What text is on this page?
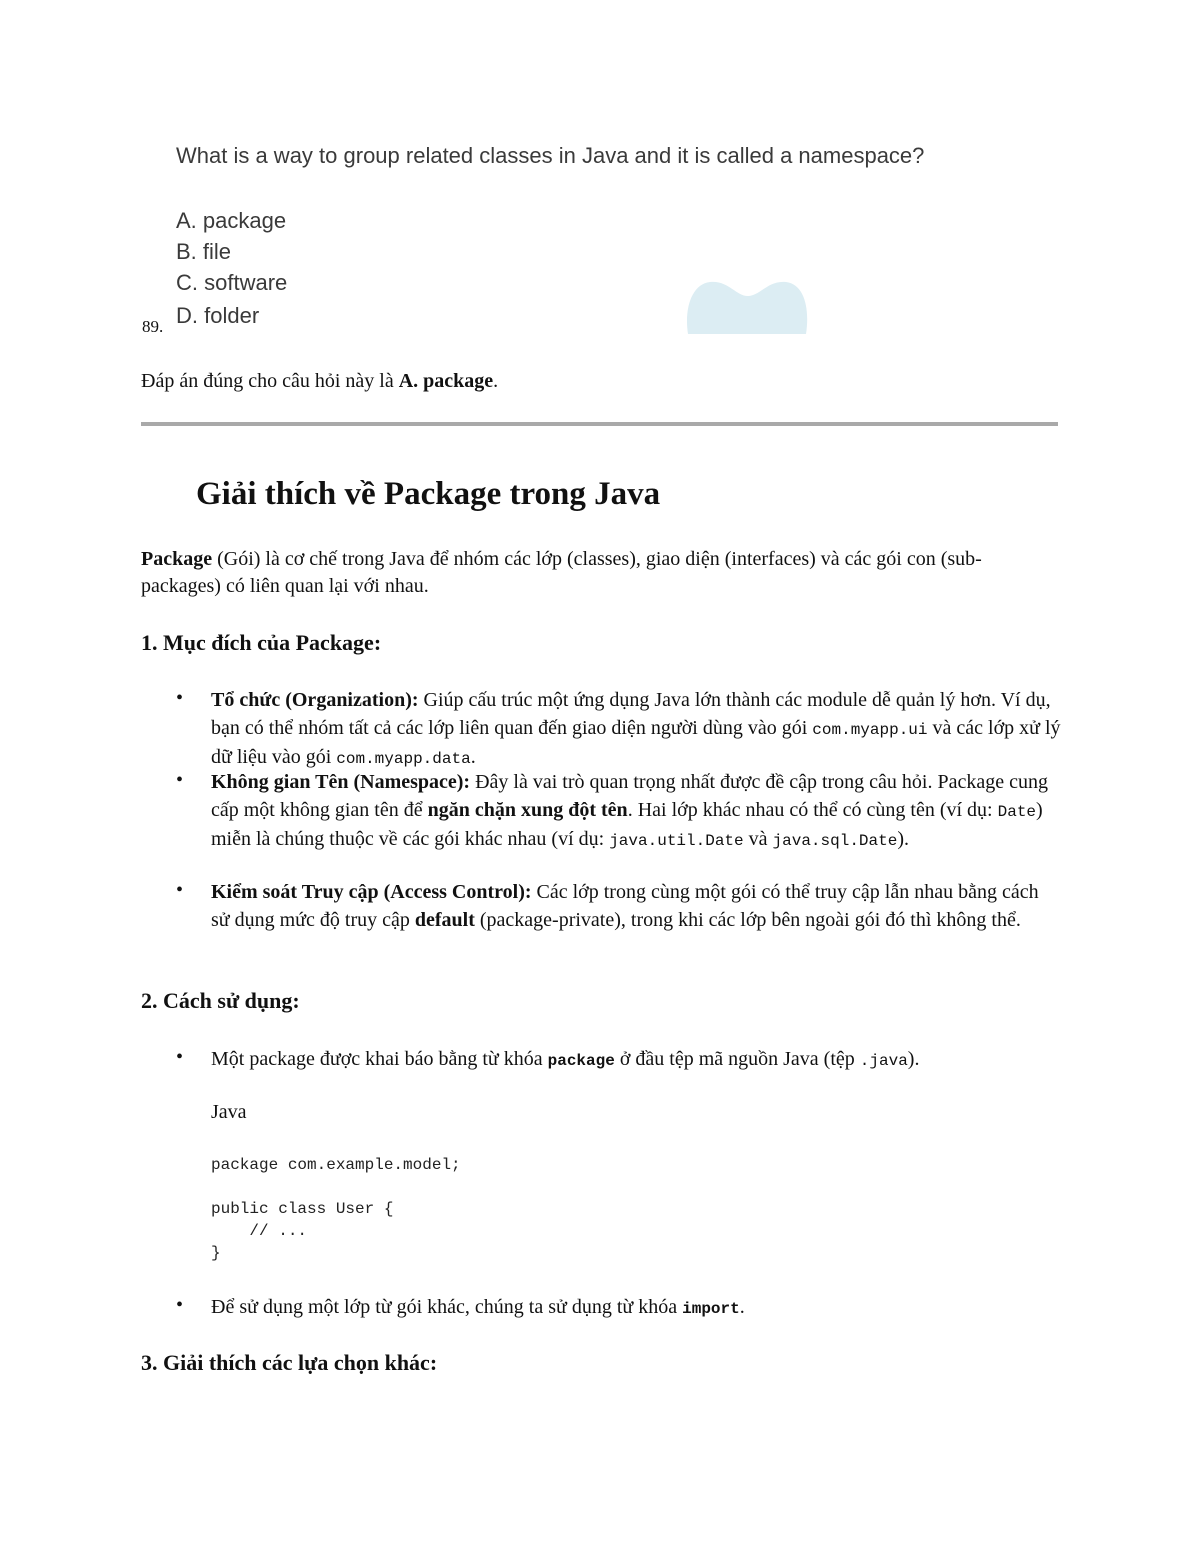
What is a way to group related classes in Java and it is called a namespace?
A. package
B. file
C. software
D. folder
89.
Đáp án đúng cho câu hỏi này là A. package.
Giải thích về Package trong Java
Package (Gói) là cơ chế trong Java để nhóm các lớp (classes), giao diện (interfaces) và các gói con (sub-packages) có liên quan lại với nhau.
1. Mục đích của Package:
• Tổ chức (Organization): Giúp cấu trúc một ứng dụng Java lớn thành các module dễ quản lý hơn. Ví dụ, bạn có thể nhóm tất cả các lớp liên quan đến giao diện người dùng vào gói com.myapp.ui và các lớp xử lý dữ liệu vào gói com.myapp.data.
• Không gian Tên (Namespace): Đây là vai trò quan trọng nhất được đề cập trong câu hỏi. Package cung cấp một không gian tên để ngăn chặn xung đột tên. Hai lớp khác nhau có thể có cùng tên (ví dụ: Date) miễn là chúng thuộc về các gói khác nhau (ví dụ: java.util.Date và java.sql.Date).
• Kiểm soát Truy cập (Access Control): Các lớp trong cùng một gói có thể truy cập lẫn nhau bằng cách sử dụng mức độ truy cập default (package-private), trong khi các lớp bên ngoài gói đó thì không thể.
2. Cách sử dụng:
• Một package được khai báo bằng từ khóa package ở đầu tệp mã nguồn Java (tệp .java).
Java
package com.example.model;

public class User {
// ...
}
• Để sử dụng một lớp từ gói khác, chúng ta sử dụng từ khóa import.
3. Giải thích các lựa chọn khác:
